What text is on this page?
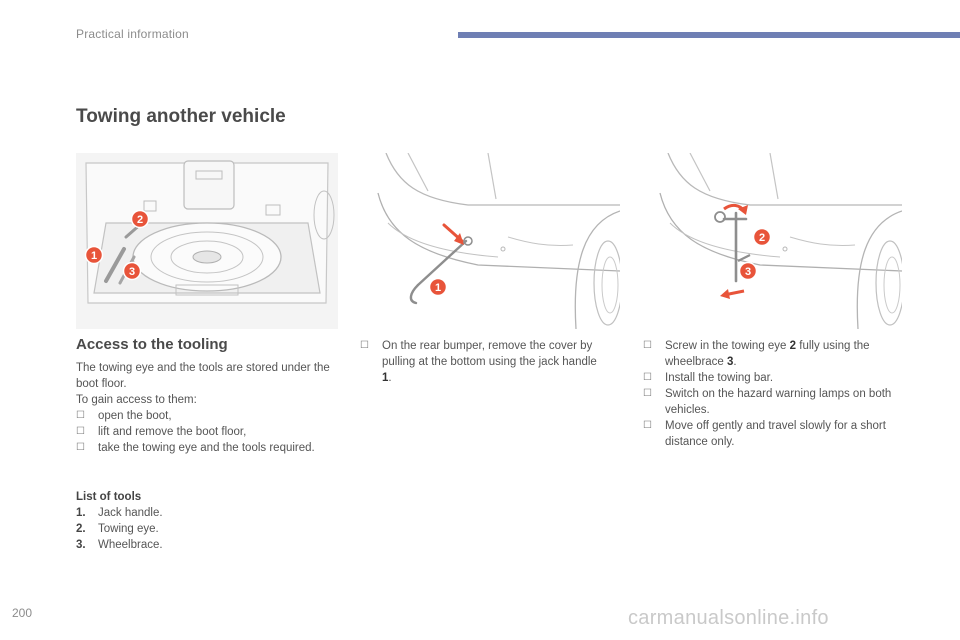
Practical information
Towing another vehicle
2
1
3
1
2
3
Access to the tooling

The towing eye and the tools are stored under the boot floor.

To gain access to them:

☐ open the boot,
☐ lift and remove the boot floor,
☐ take the towing eye and the tools required.

List of tools

1. Jack handle.
2. Towing eye.
3. Wheelbrace.
☐ On the rear bumper, remove the cover by pulling at the bottom using the jack handle 1.
☐ Screw in the towing eye 2 fully using the wheelbrace 3.
☐ Install the towing bar.
☐ Switch on the hazard warning lamps on both vehicles.
☐ Move off gently and travel slowly for a short distance only.
200	carmanualsonline.info
